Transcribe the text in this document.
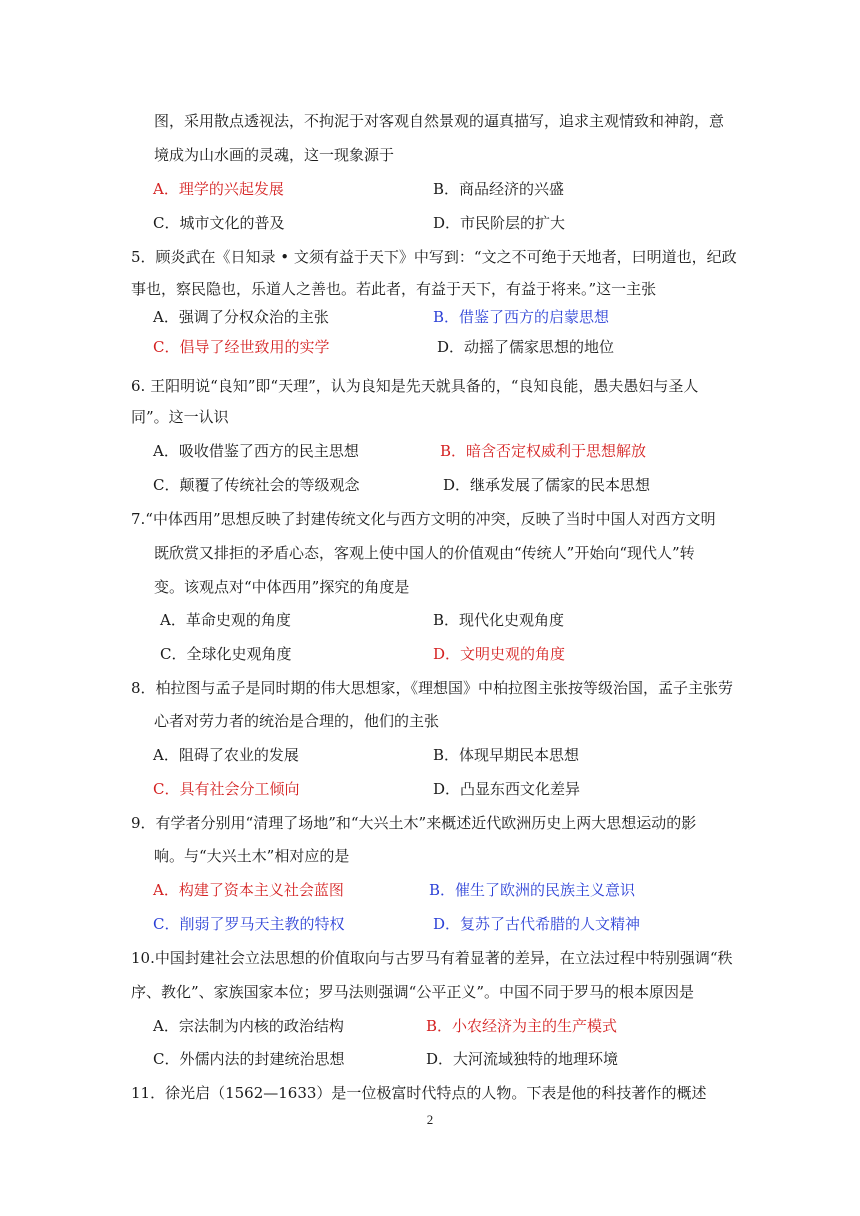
图，采用散点透视法，不拘泥于对客观自然景观的逼真描写，追求主观情致和神韵，意
境成为山水画的灵魂，这一现象源于
A．理学的兴起发展	B．商品经济的兴盛
C．城市文化的普及	D．市民阶层的扩大
5．顾炎武在《日知录 • 文须有益于天下》中写到：“文之不可绝于天地者，曰明道也，纪政
事也，察民隐也，乐道人之善也。若此者，有益于天下，有益于将来。”这一主张
A．强调了分权众治的主张	B．借鉴了西方的启蒙思想
C．倡导了经世致用的实学	D．动摇了儒家思想的地位
6. 王阳明说“良知”即“天理”，认为良知是先天就具备的，“良知良能，愚夫愚妇与圣人
同”。这一认识
A．吸收借鉴了西方的民主思想	B．暗含否定权威利于思想解放
C．颠覆了传统社会的等级观念	D．继承发展了儒家的民本思想
7.“中体西用”思想反映了封建传统文化与西方文明的冲突，反映了当时中国人对西方文明
既欣赏又排拒的矛盾心态，客观上使中国人的价值观由“传统人”开始向“现代人”转
变。该观点对“中体西用”探究的角度是
A．革命史观的角度	B．现代化史观角度
C．全球化史观角度	D．文明史观的角度
8．柏拉图与孟子是同时期的伟大思想家，《理想国》中柏拉图主张按等级治国，孟子主张劳
心者对劳力者的统治是合理的，他们的主张
A．阻碍了农业的发展	B．体现早期民本思想
C．具有社会分工倾向	D．凸显东西文化差异
9．有学者分别用“清理了场地”和“大兴土木”来概述近代欧洲历史上两大思想运动的影
响。与“大兴土木”相对应的是
A．构建了资本主义社会蓝图	B．催生了欧洲的民族主义意识
C．削弱了罗马天主教的特权	D．复苏了古代希腊的人文精神
10.中国封建社会立法思想的价值取向与古罗马有着显著的差异，在立法过程中特别强调“秩
序、教化”、家族国家本位；罗马法则强调“公平正义”。中国不同于罗马的根本原因是
A．宗法制为内核的政治结构	B．小农经济为主的生产模式
C．外儒内法的封建统治思想	D．大河流域独特的地理环境
11．徐光启（1562—1633）是一位极富时代特点的人物。下表是他的科技著作的概述
2
